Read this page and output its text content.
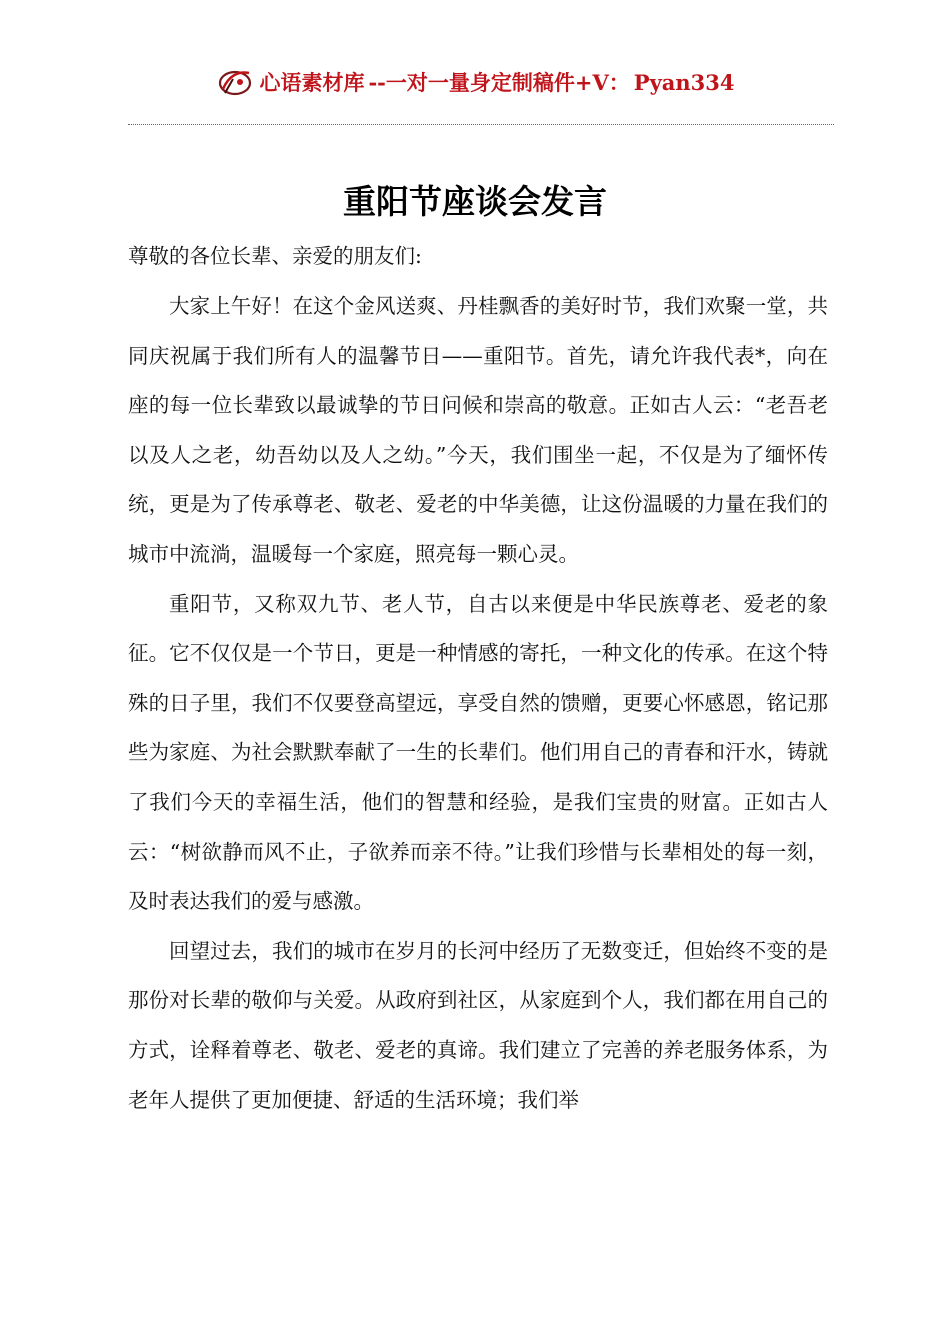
心语素材库 --一对一量身定制稿件+V： Pyan334
重阳节座谈会发言

尊敬的各位长辈、亲爱的朋友们:

大家上午好！在这个金风送爽、丹桂飘香的美好时节，我们欢聚一堂，共同庆祝属于我们所有人的温馨节日——重阳节。首先，请允许我代表*，向在座的每一位长辈致以最诚挚的节日问候和崇高的敬意。正如古人云：“老吾老以及人之老，幼吾幼以及人之幼。”今天，我们围坐一起，不仅是为了缅怀传统，更是为了传承尊老、敬老、爱老的中华美德，让这份温暖的力量在我们的城市中流淌，温暖每一个家庭，照亮每一颗心灵。

重阳节，又称双九节、老人节，自古以来便是中华民族尊老、爱老的象征。它不仅仅是一个节日，更是一种情感的寄托，一种文化的传承。在这个特殊的日子里，我们不仅要登高望远，享受自然的馈赠，更要心怀感恩，铭记那些为家庭、为社会默默奉献了一生的长辈们。他们用自己的青春和汗水，铸就了我们今天的幸福生活，他们的智慧和经验，是我们宝贵的财富。正如古人云：“树欲静而风不止，子欲养而亲不待。”让我们珍惜与长辈相处的每一刻，及时表达我们的爱与感激。

回望过去，我们的城市在岁月的长河中经历了无数变迁，但始终不变的是那份对长辈的敬仰与关爱。从政府到社区，从家庭到个人，我们都在用自己的方式，诠释着尊老、敬老、爱老的真谛。我们建立了完善的养老服务体系，为老年人提供了更加便捷、舒适的生活环境；我们举
